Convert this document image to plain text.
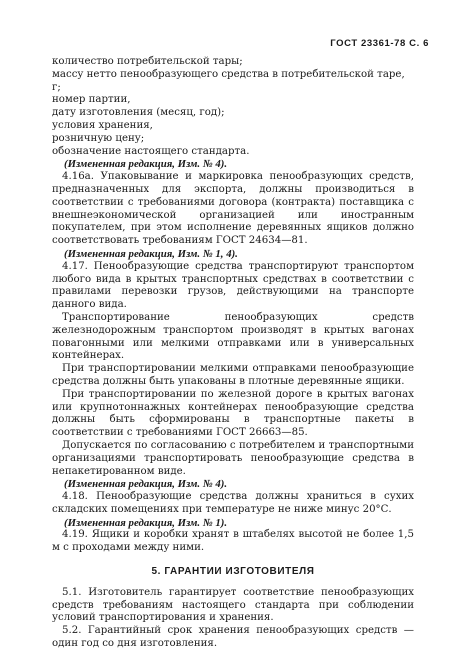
ГОСТ 23361-78 С. 6

количество потребительской тары;

массу нетто пенообразующего средства в потребительской таре, г;

номер партии,

дату изготовления (месяц, год);

условия хранения,

розничную цену;

обозначение настоящего стандарта.

(Измененная редакция, Изм. № 4).

4.16а. Упаковывание и маркировка пенообразующих средств, предназначенных для экспорта, должны производиться в соответствии с требованиями договора (контракта) поставщика с внешнеэкономической организацией или иностранным покупателем, при этом исполнение деревянных ящиков должно соответствовать требованиям ГОСТ 24634—81.

(Измененная редакция, Изм. № 1, 4).

4.17. Пенообразующие средства транспортируют транспортом любого вида в крытых транспортных средствах в соответствии с правилами перевозки грузов, действующими на транспорте данного вида.

Транспортирование пенообразующих средств железнодорожным транспортом производят в крытых вагонах повагонными или мелкими отправками или в универсальных контейнерах.

При транспортировании мелкими отправками пенообразующие средства должны быть упакованы в плотные деревянные ящики.

При транспортировании по железной дороге в крытых вагонах или крупнотоннажных контейнерах пенообразующие средства должны быть сформированы в транспортные пакеты в соответствии с требованиями ГОСТ 26663—85.

Допускается по согласованию с потребителем и транспортными организациями транспортировать пенообразующие средства в непакетированном виде.

(Измененная редакция, Изм. № 4).

4.18. Пенообразующие средства должны храниться в сухих складских помещениях при температуре не ниже минус 20°С.

(Измененная редакция, Изм. № 1).

4.19. Ящики и коробки хранят в штабелях высотой не более 1,5 м с проходами между ними.

5. ГАРАНТИИ ИЗГОТОВИТЕЛЯ

5.1. Изготовитель гарантирует соответствие пенообразующих средств требованиям настоящего стандарта при соблюдении условий транспортирования и хранения.

5.2. Гарантийный срок хранения пенообразующих средств — один год со дня изготовления.
